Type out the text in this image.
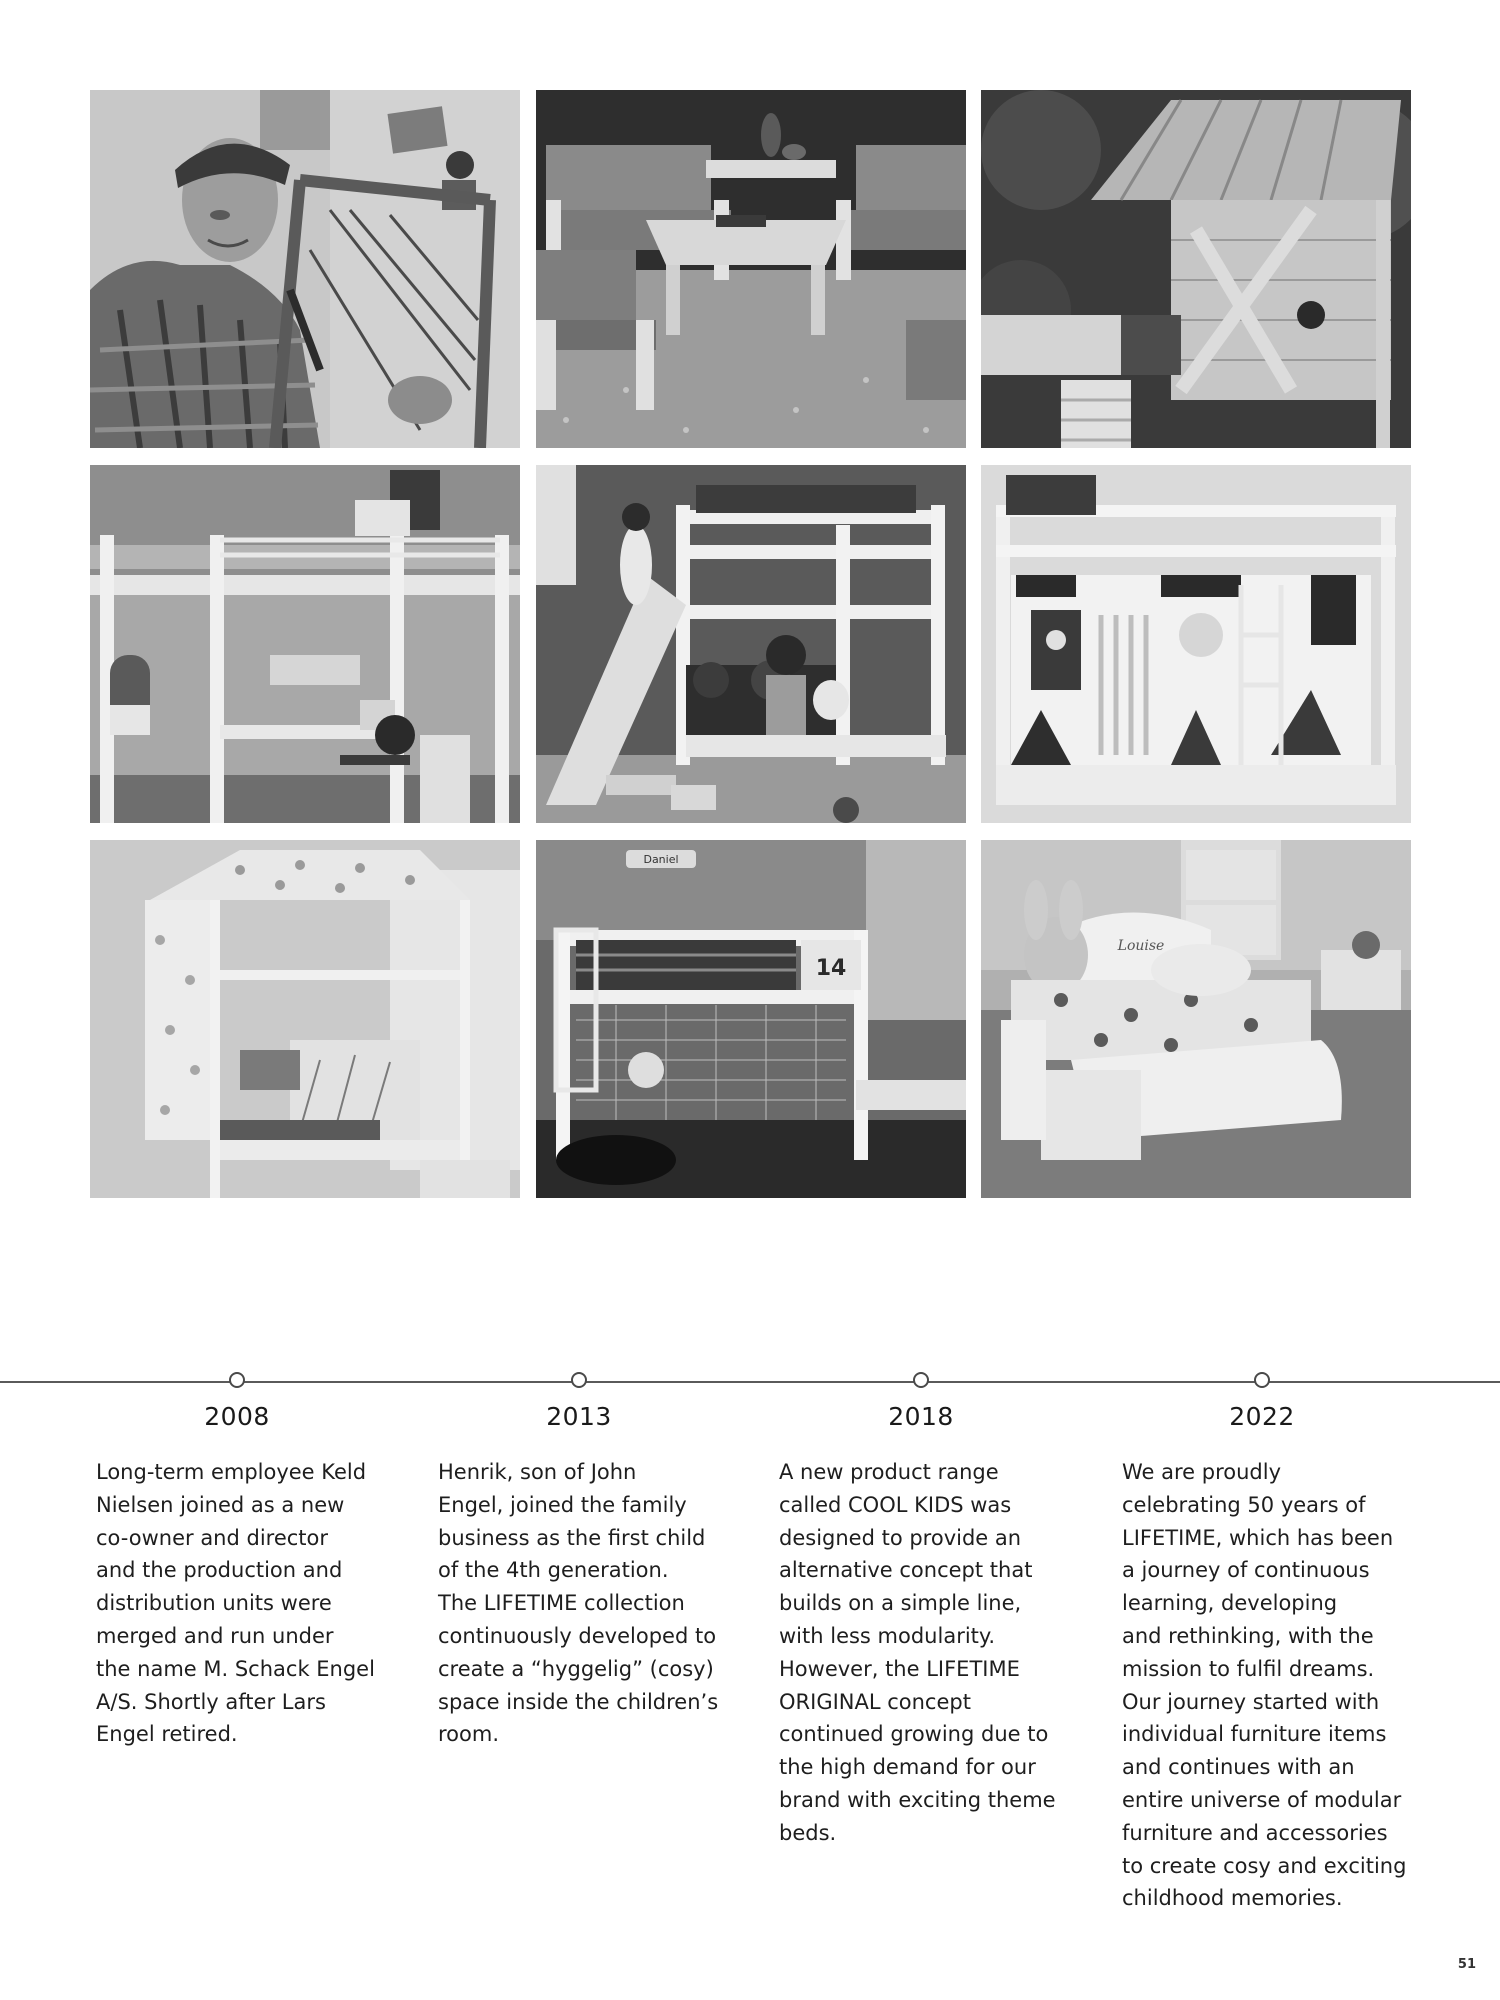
Daniel
14
Louise
2008	2013	2018	2022
Long-term employee Keld
Nielsen joined as a new
co-owner and director
and the production and
distribution units were
merged and run under
the name M. Schack Engel
A/S. Shortly after Lars
Engel retired.
Henrik, son of John
Engel, joined the family
business as the first child
of the 4th generation.
The LIFETIME collection
continuously developed to
create a “hyggelig” (cosy)
space inside the children’s
room.
A new product range
called COOL KIDS was
designed to provide an
alternative concept that
builds on a simple line,
with less modularity.
However, the LIFETIME
ORIGINAL concept
continued growing due to
the high demand for our
brand with exciting theme
beds.
We are proudly
celebrating 50 years of
LIFETIME, which has been
a journey of continuous
learning, developing
and rethinking, with the
mission to fulfil dreams.
Our journey started with
individual furniture items
and continues with an
entire universe of modular
furniture and accessories
to create cosy and exciting
childhood memories.
51
